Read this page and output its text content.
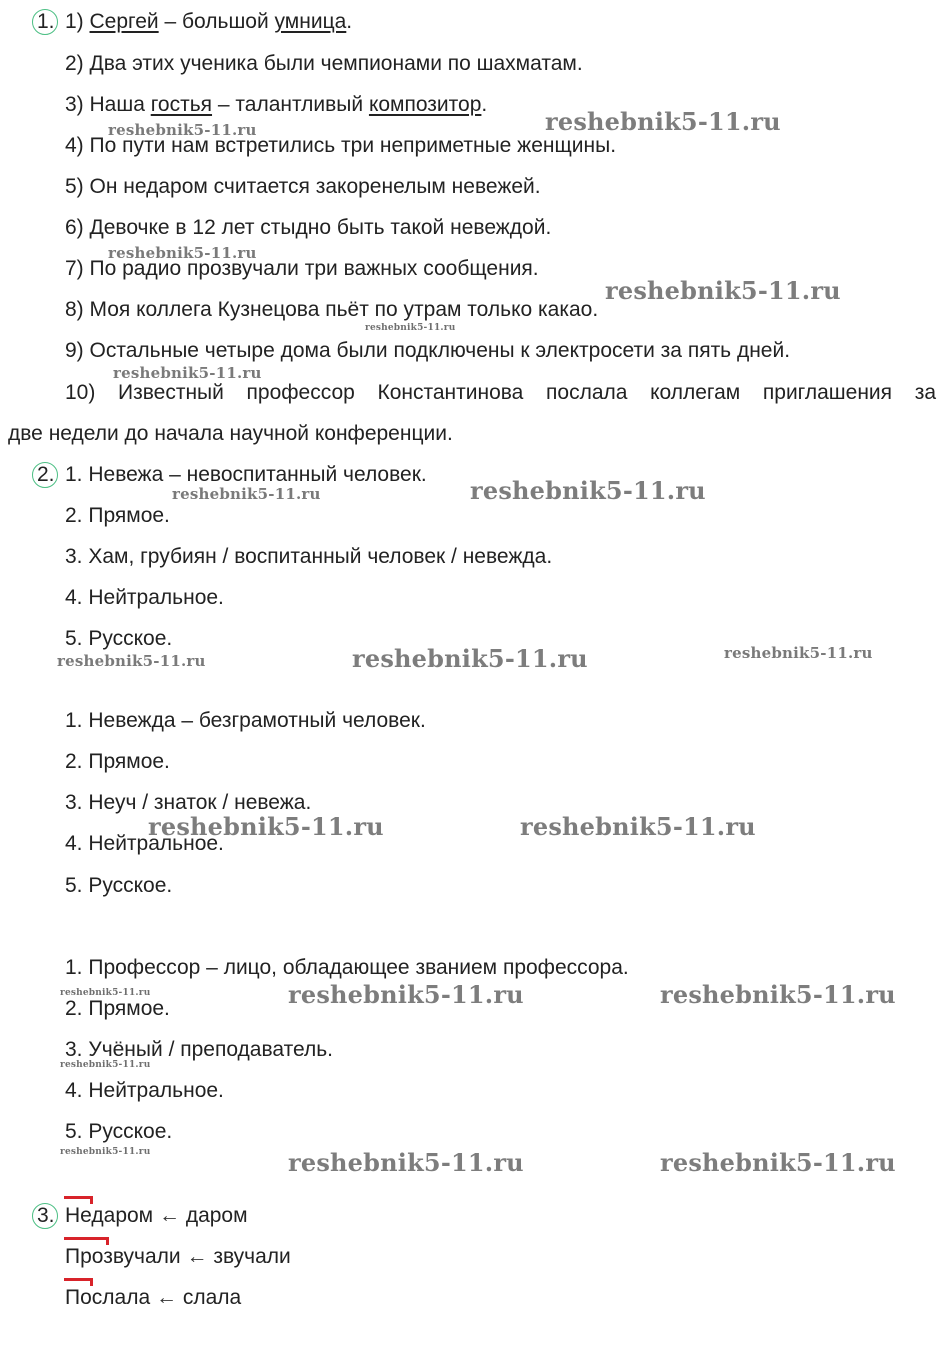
1. 1) Сергей – большой умница.
2) Два этих ученика были чемпионами по шахматам.
3) Наша гостья – талантливый композитор.
4) По пути нам встретились три неприметные женщины.
5) Он недаром считается закоренелым невежей.
6) Девочке в 12 лет стыдно быть такой невеждой.
7) По радио прозвучали три важных сообщения.
8) Моя коллега Кузнецова пьёт по утрам только какао.
9) Остальные четыре дома были подключены к электросети за пять дней.
10) Известный профессор Константинова послала коллегам приглашения за
две недели до начала научной конференции.
2. 1. Невежа – невоспитанный человек.
2. Прямое.
3. Хам, грубиян / воспитанный человек / невежда.
4. Нейтральное.
5. Русское.
1. Невежда – безграмотный человек.
2. Прямое.
3. Неуч / знаток / невежа.
4. Нейтральное.
5. Русское.
1. Профессор – лицо, обладающее званием профессора.
2. Прямое.
3. Учёный / преподаватель.
4. Нейтральное.
5. Русское.
3. Недаром ← даром
Прозвучали ← звучали
Послала ← слала
reshebnik5-11.ru
reshebnik5-11.ru
reshebnik5-11.ru
reshebnik5-11.ru
reshebnik5-11.ru
reshebnik5-11.ru
reshebnik5-11.ru	reshebnik5-11.ru
reshebnik5-11.ru	reshebnik5-11.ru	reshebnik5-11.ru
reshebnik5-11.ru	reshebnik5-11.ru
reshebnik5-11.ru	reshebnik5-11.ru	reshebnik5-11.ru
reshebnik5-11.ru
reshebnik5-11.ru	reshebnik5-11.ru	reshebnik5-11.ru
